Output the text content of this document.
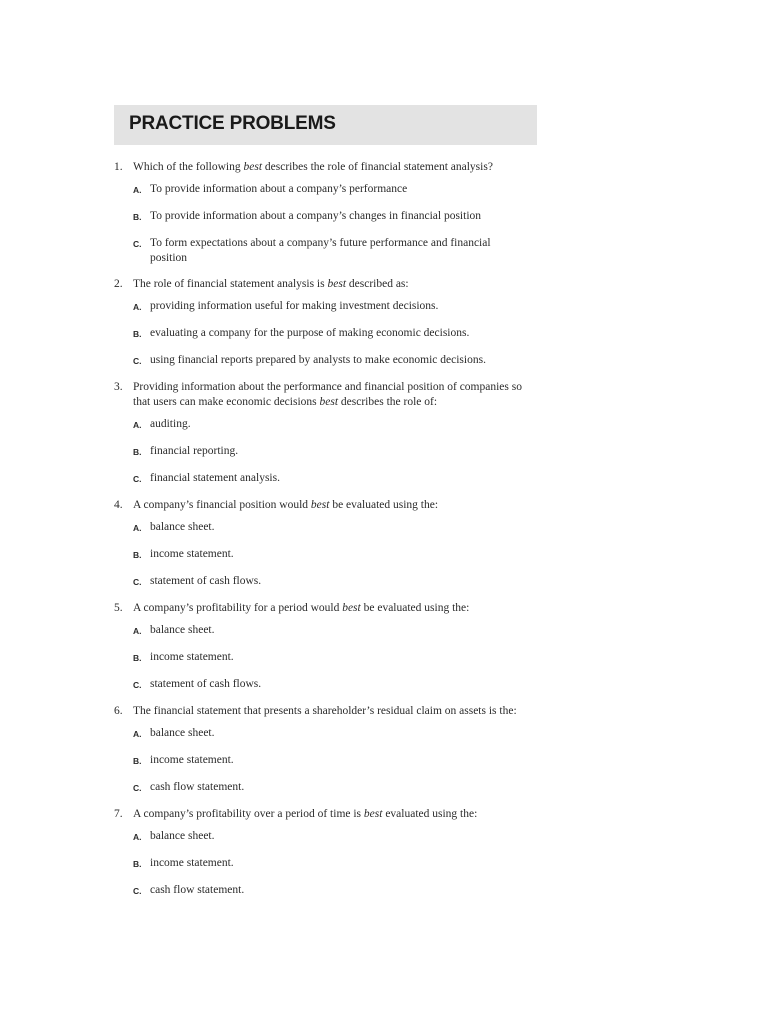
PRACTICE PROBLEMS
1. Which of the following best describes the role of financial statement analysis?
A. To provide information about a company’s performance
B. To provide information about a company’s changes in financial position
C. To form expectations about a company’s future performance and financial position
2. The role of financial statement analysis is best described as:
A. providing information useful for making investment decisions.
B. evaluating a company for the purpose of making economic decisions.
C. using financial reports prepared by analysts to make economic decisions.
3. Providing information about the performance and financial position of companies so that users can make economic decisions best describes the role of:
A. auditing.
B. financial reporting.
C. financial statement analysis.
4. A company’s financial position would best be evaluated using the:
A. balance sheet.
B. income statement.
C. statement of cash flows.
5. A company’s profitability for a period would best be evaluated using the:
A. balance sheet.
B. income statement.
C. statement of cash flows.
6. The financial statement that presents a shareholder’s residual claim on assets is the:
A. balance sheet.
B. income statement.
C. cash flow statement.
7. A company’s profitability over a period of time is best evaluated using the:
A. balance sheet.
B. income statement.
C. cash flow statement.
